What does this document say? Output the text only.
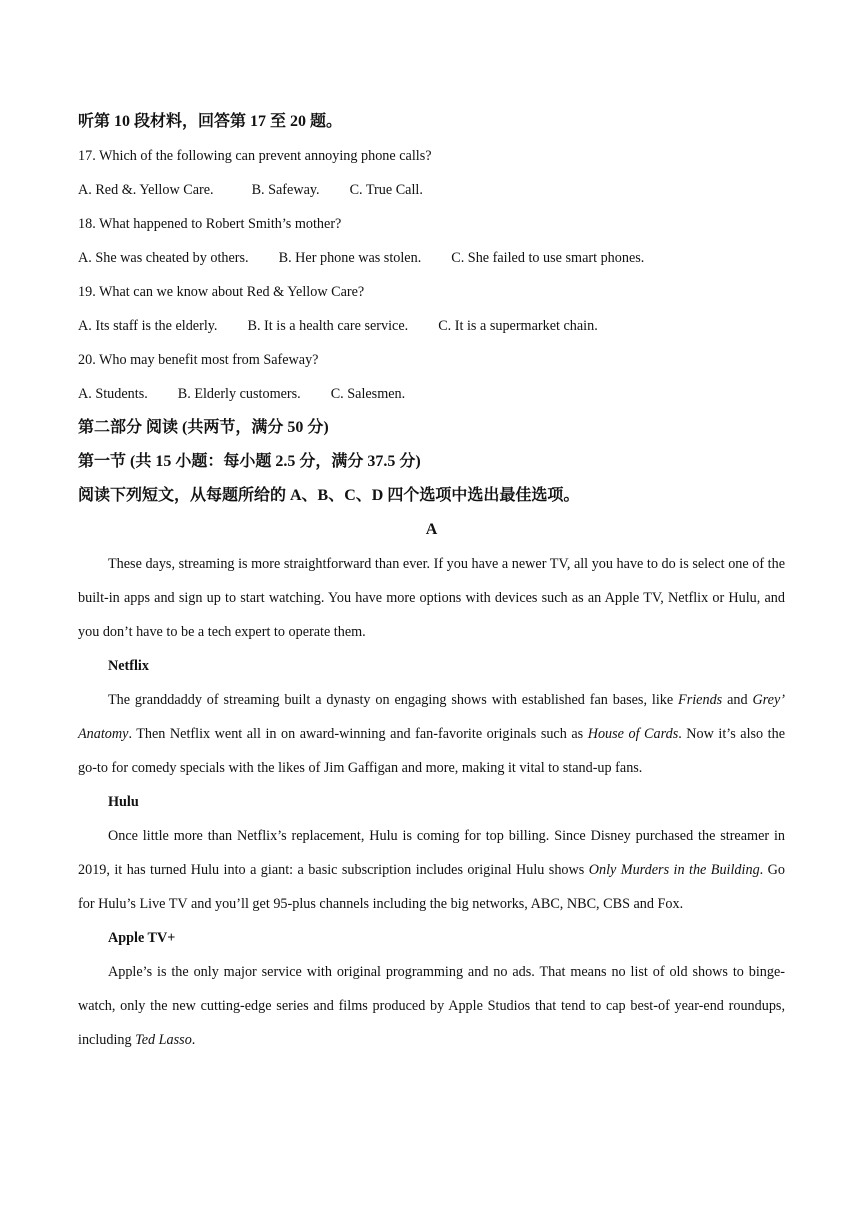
听第 10 段材料，回答第 17 至 20 题。

17. Which of the following can prevent annoying phone calls?

A. Red &. Yellow Care.	B. Safeway. C. True Call.

18. What happened to Robert Smith’s mother?

A. She was cheated by others. B. Her phone was stolen. C. She failed to use smart phones.

19. What can we know about Red & Yellow Care?

A. Its staff is the elderly. B. It is a health care service. C. It is a supermarket chain.

20. Who may benefit most from Safeway?

A. Students. B. Elderly customers. C. Salesmen.

第二部分 阅读 (共两节，满分 50 分)

第一节 (共 15 小题：每小题 2.5 分，满分 37.5 分)

阅读下列短文，从每题所给的 A、B、C、D 四个选项中选出最佳选项。

A

These days, streaming is more straightforward than ever. If you have a newer TV, all you have to do is select one of the built-in apps and sign up to start watching. You have more options with devices such as an Apple TV, Netflix or Hulu, and you don’t have to be a tech expert to operate them.

Netflix

The granddaddy of streaming built a dynasty on engaging shows with established fan bases, like Friends and Grey’ Anatomy. Then Netflix went all in on award-winning and fan-favorite originals such as House of Cards. Now it’s also the go-to for comedy specials with the likes of Jim Gaffigan and more, making it vital to stand-up fans.

Hulu

Once little more than Netflix’s replacement, Hulu is coming for top billing. Since Disney purchased the streamer in 2019, it has turned Hulu into a giant: a basic subscription includes original Hulu shows Only Murders in the Building. Go for Hulu’s Live TV and you’ll get 95-plus channels including the big networks, ABC, NBC, CBS and Fox.

Apple TV+

Apple’s is the only major service with original programming and no ads. That means no list of old shows to binge-watch, only the new cutting-edge series and films produced by Apple Studios that tend to cap best-of year-end roundups, including Ted Lasso.
